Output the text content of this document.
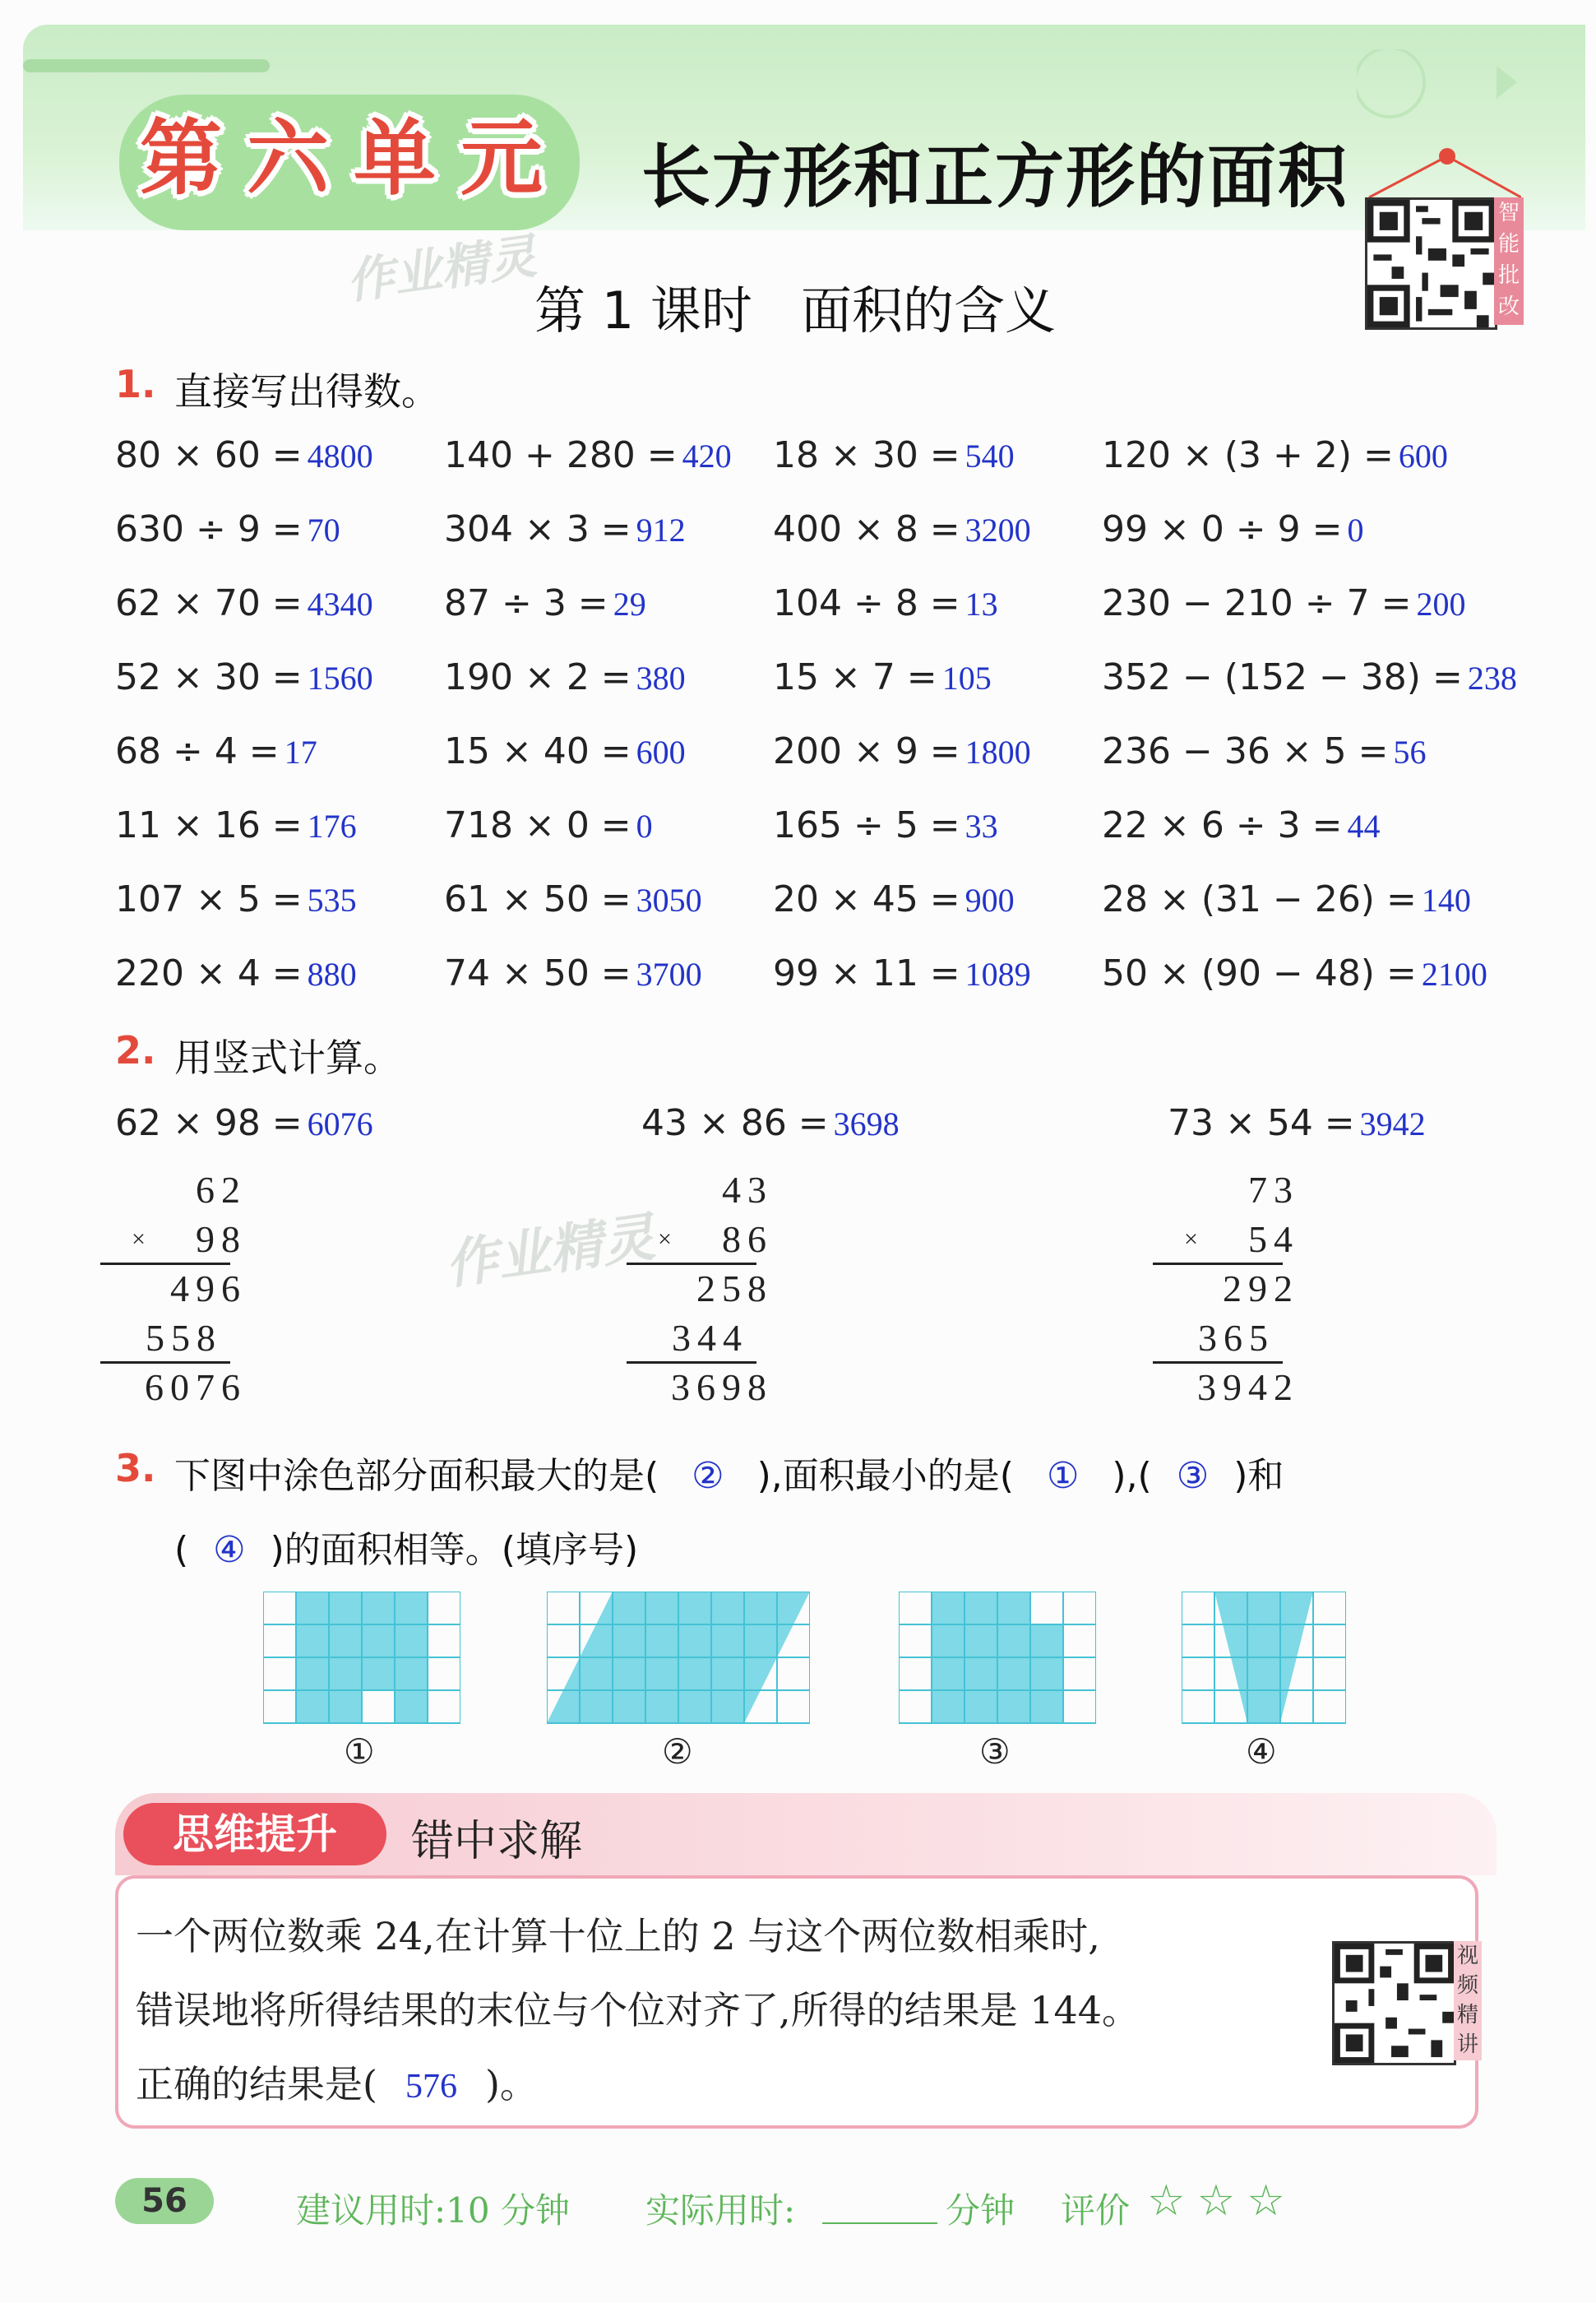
第 六 单 元 长方形和正方形的面积	智能批改
作业精灵
第 1 课时   面积的含义
1. 直接写出得数。
80 × 60 = 4800 140 + 280 = 420 18 × 30 = 540 120 × (3 + 2) = 600
630 ÷ 9 = 70	304 × 3 = 912 400 × 8 = 3200 99 × 0 ÷ 9 = 0
62 × 70 = 4340 87 ÷ 3 = 29	104 ÷ 8 = 13	230 − 210 ÷ 7 = 200
52 × 30 = 1560 190 × 2 = 380 15 × 7 = 105	352 − (152 − 38) = 238
68 ÷ 4 = 17	15 × 40 = 600 200 × 9 = 1800 236 − 36 × 5 = 56
11 × 16 = 176 718 × 0 = 0	165 ÷ 5 = 33	22 × 6 ÷ 3 = 44
107 × 5 = 535 61 × 50 = 3050 20 × 45 = 900 28 × (31 − 26) = 140
220 × 4 = 880 74 × 50 = 3700 99 × 11 = 1089 50 × (90 − 48) = 2100
2. 用竖式计算。
62 × 98 = 6076
62
98
×
496
558
6076
43 × 86 = 3698
43
86
×
258
344
3698
73 × 54 = 3942
73
54
×
292
365
3942
作业精灵
3. 下图中涂色部分面积最大的是( ② ),面积最小的是( ① ),( ③ )和
( ④ )的面积相等。(填序号)
①	②	③	④
思维提升	错中求解
一个两位数乘 24,在计算十位上的 2 与这个两位数相乘时,
错误地将所得结果的末位与个位对齐了,所得的结果是 144。
正确的结果是( 576 )。
视频精讲
56	建议用时:10 分钟 实际用时:	分钟 评价 ☆☆☆
